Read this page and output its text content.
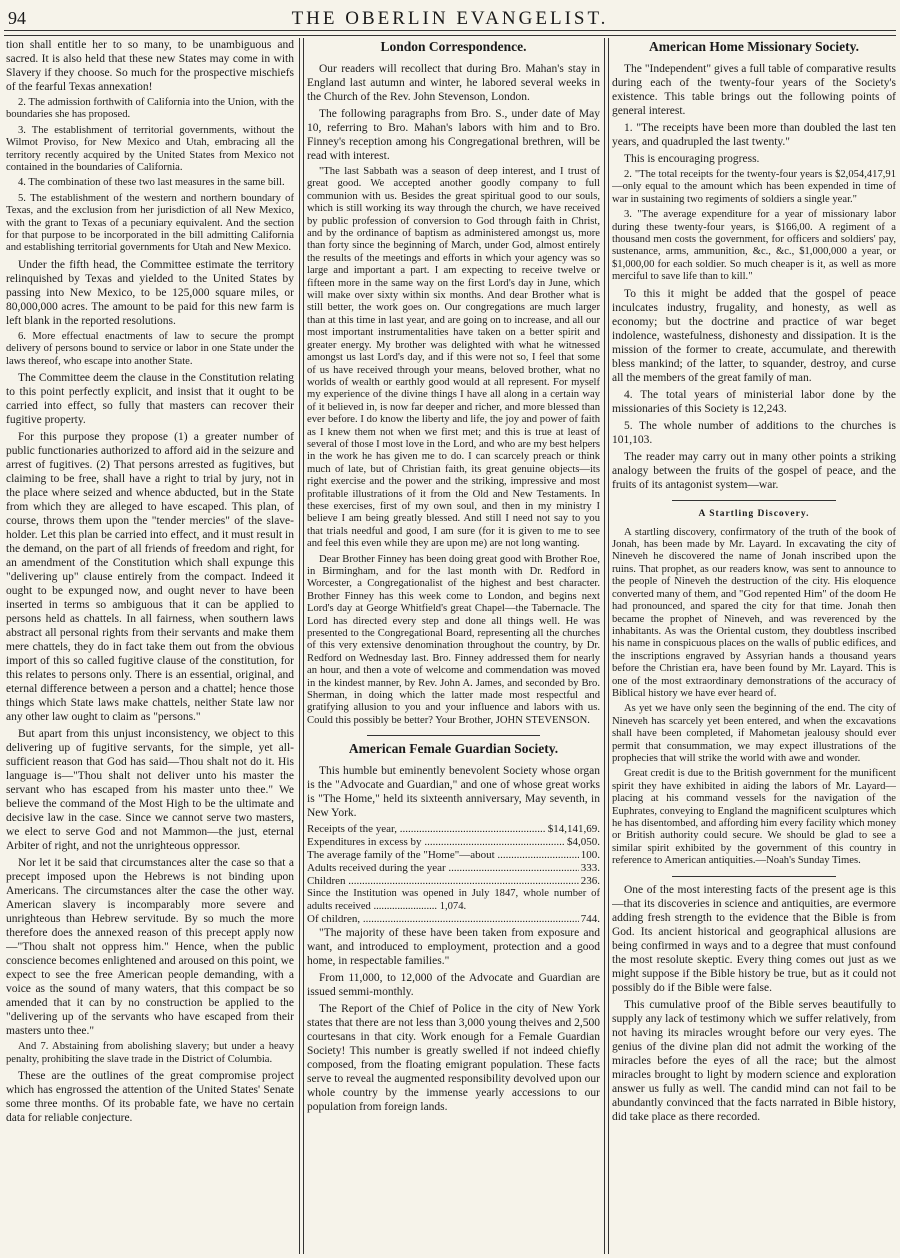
94	THE OBERLIN EVANGELIST.

tion shall entitle her to so many, to be unambiguous and sacred. It is also held that these new States may come in with Slavery if they choose. So much for the prospective mischiefs of the fearful Texas annexation!

2. The admission forthwith of California into the Union, with the boundaries she has proposed.

3. The establishment of territorial governments, without the Wilmot Proviso, for New Mexico and Utah, embracing all the territory recently acquired by the United States from Mexico not contained in the boundaries of California.

4. The combination of these two last measures in the same bill.

5. The establishment of the western and northern boundary of Texas, and the exclusion from her jurisdiction of all New Mexico, with the grant to Texas of a pecuniary equivalent. And the section for that purpose to be incorporated in the bill admitting California and establishing territorial governments for Utah and New Mexico.

Under the fifth head, the Committee estimate the territory relinquished by Texas and yielded to the United States by passing into New Mexico, to be 125,000 square miles, or 80,000,000 acres. The amount to be paid for this new farm is left blank in the reported resolutions.

6. More effectual enactments of law to secure the prompt delivery of persons bound to service or labor in one State under the laws thereof, who escape into another State.

The Committee deem the clause in the Constitution relating to this point perfectly explicit, and insist that it ought to be carried into effect, so fully that masters can recover their fugitive property.

For this purpose they propose (1) a greater number of public functionaries authorized to afford aid in the seizure and arrest of fugitives. (2) That persons arrested as fugitives, but claiming to be free, shall have a right to trial by jury, not in the place where seized and whence abducted, but in the State from which they are alleged to have escaped. This plan, of course, throws them upon the "tender mercies" of the slave-holder. Let this plan be carried into effect, and it must result in the demand, on the part of all friends of freedom and right, for an amendment of the Constitution which shall expunge this "delivering up" clause entirely from the compact. Indeed it ought to be expunged now, and ought never to have been inserted in terms so ambiguous that it can be applied to persons held as chattels. In all fairness, when southern laws abstract all personal rights from their servants and make them mere chattels, they do in fact take them out from the obvious import of this so called fugitive clause of the constitution, for this relates to persons only. There is an essential, original, and eternal difference between a person and a chattel; hence those things which State laws make chattels, neither State law nor any other law ought to claim as "persons."

But apart from this unjust inconsistency, we object to this delivering up of fugitive servants, for the simple, yet all-sufficient reason that God has said—Thou shalt not do it. His language is—"Thou shalt not deliver unto his master the servant who has escaped from his master unto thee." We believe the command of the Most High to be the ultimate and decisive law in the case. Since we cannot serve two masters, we elect to serve God and not Mammon—the just, eternal Arbiter of right, and not the unrighteous oppressor.

Nor let it be said that circumstances alter the case so that a precept imposed upon the Hebrews is not binding upon Americans. The circumstances alter the case the other way. American slavery is incomparably more severe and unrighteous than Hebrew servitude. By so much the more therefore does the annexed reason of this precept apply now—"Thou shalt not oppress him." Hence, when the public conscience becomes enlightened and aroused on this point, we expect to see the free American people demanding, with a voice as the sound of many waters, that this compact be so amended that it can by no construction be applied to the "delivering up of the servants who have escaped from their masters unto thee."

And 7. Abstaining from abolishing slavery; but under a heavy penalty, prohibiting the slave trade in the District of Columbia.

These are the outlines of the great compromise project which has engrossed the attention of the United States' Senate some three months. Of its probable fate, we have no certain data for reliable conjecture.

London Correspondence.

Our readers will recollect that during Bro. Mahan's stay in England last autumn and winter, he labored several weeks in the Church of the Rev. John Stevenson, London.

The following paragraphs from Bro. S., under date of May 10, referring to Bro. Mahan's labors with him and to Bro. Finney's reception among his Congregational brethren, will be read with interest.

"The last Sabbath was a season of deep interest, and I trust of great good. We accepted another goodly company to full communion with us. Besides the great spiritual good to our souls, which is still working its way through the church, we have received by public profession of conversion to God through faith in Christ, and by the ordinance of baptism as administered amongst us, more than forty since the beginning of March, under God, almost entirely the results of the meetings and efforts in which your agency was so large and important a part. I am expecting to receive twelve or fifteen more in the same way on the first Lord's day in June, which will make over sixty within six months. And dear Brother what is still better, the work goes on. Our congregations are much larger than at this time in last year, and are going on to increase, and all our most important instrumentalities have taken on a better spirit and greater energy. My brother was delighted with what he witnessed amongst us last Lord's day, and if this were not so, I feel that some of us have received through your means, beloved brother, what no worlds of wealth or earthly good would at all represent. For myself my experience of the divine things I have all along in a certain way of it believed in, is now far deeper and richer, and more blessed than ever before. I do know the liberty and life, the joy and power of faith as I knew them not when we first met; and this is true at least of several of those I most love in the Lord, and who are my best helpers in the work he has given me to do. I can scarcely preach or think much of late, but of Christian faith, its great genuine objects—its right exercise and the power and the striking, impressive and most profitable illustrations of it from the Old and New Testaments. In these exercises, first of my own soul, and then in my ministry I believe I am being greatly blessed. And still I need not say to you that trials needful and good, I am sure (for it is given to me to see and feel this even while they are upon me) are not long wanting.

Dear Brother Finney has been doing great good with Brother Roe, in Birmingham, and for the last month with Dr. Redford in Worcester, a Congregationalist of the highest and best character. Brother Finney has this week come to London, and begins next Lord's day at George Whitfield's great Chapel—the Tabernacle. The Lord has directed every step and done all things well. He was presented to the Congregational Board, representing all the churches of this very extensive denomination throughout the country, by Dr. Redford on Wednesday last. Bro. Finney addressed them for nearly an hour, and then a vote of welcome and commendation was moved in the kindest manner, by Rev. John A. James, and seconded by Bro. Sherman, in doing which the latter made most respectful and gratifying allusion to you and your influence and labors with us. Could this possibly be better? Your Brother, JOHN STEVENSON.

American Female Guardian Society.

This humble but eminently benevolent Society whose organ is the "Advocate and Guardian," and one of whose great works is "The Home," held its sixteenth anniversary, May seventh, in New York.

Receipts of the year, .....	$14,141,69.
Expenditures in excess by .....	$4,050.
The average family of the "Home"—about .....	100.
Adults received during the year .....	333.
Children .....	236.

Since the Institution was opened in July 1847, whole number of adults received ........................ 1,074.

Of children, .....	744.

"The majority of these have been taken from exposure and want, and introduced to employment, protection and a good home, in respectable families."

From 11,000, to 12,000 of the Advocate and Guardian are issued semmi-monthly.

The Report of the Chief of Police in the city of New York states that there are not less than 3,000 young theives and 2,500 courtesans in that city. Work enough for a Female Guardian Society! This number is greatly swelled if not indeed chiefly composed, from the floating emigrant population. These facts serve to reveal the augmented responsibility devolved upon our whole country by the immense yearly accessions to our population from foreign lands.

American Home Missionary Society.

The "Independent" gives a full table of comparative results during each of the twenty-four years of the Society's existence. This table brings out the following points of general interest.

1. "The receipts have been more than doubled the last ten years, and quadrupled the last twenty."

This is encouraging progress.

2. "The total receipts for the twenty-four years is $2,054,417,91—only equal to the amount which has been expended in time of war in sustaining two regiments of soldiers a single year."

3. "The average expenditure for a year of missionary labor during these twenty-four years, is $166,00. A regiment of a thousand men costs the government, for officers and soldiers' pay, sustenance, arms, ammunition, &c., &c., $1,000,000 a year, or $1,000,00 for each soldier. So much cheaper is it, as well as more merciful to save life than to kill."

To this it might be added that the gospel of peace inculcates industry, frugality, and honesty, as well as economy; but the doctrine and practice of war beget indolence, wastefulness, dishonesty and dissipation. It is the mission of the former to create, accumulate, and therewith bless mankind; of the latter, to squander, destroy, and curse all the members of the great family of man.

4. The total years of ministerial labor done by the missionaries of this Society is 12,243.

5. The whole number of additions to the churches is 101,103.

The reader may carry out in many other points a striking analogy between the fruits of the gospel of peace, and the fruits of its antagonist system—war.

A Startling Discovery.

A startling discovery, confirmatory of the truth of the book of Jonah, has been made by Mr. Layard. In excavating the city of Nineveh he discovered the name of Jonah inscribed upon the ruins. That prophet, as our readers know, was sent to announce to the people of Nineveh the destruction of the city. His eloquence converted many of them, and "God repented Him" of the doom He had pronounced, and spared the city for that time. Jonah then became the prophet of Nineveh, and was reverenced by the inhabitants. As was the Oriental custom, they doubtless inscribed his name in conspicuous places on the walls of public edifices, and the inscriptions engraved by Assyrian hands a thousand years before the Christian era, have been found by Mr. Layard. This is one of the most extraordinary demonstrations of the accuracy of Biblical history we have ever heard of.

As yet we have only seen the beginning of the end. The city of Nineveh has scarcely yet been entered, and when the excavations shall have been completed, if Mahometan jealousy should ever permit that consummation, we may expect illustrations of the prophecies that will strike the world with awe and wonder.

Great credit is due to the British government for the munificent spirit they have exhibited in aiding the labors of Mr. Layard—placing at his command vessels for the navigation of the Euphrates, conveying to England the magnificent sculptures which he has disentombed, and affording him every facility which money or British authority could secure. We should be glad to see a similar spirit exhibited by the government of this country in reference to American antiquities.—Noah's Sunday Times.

One of the most interesting facts of the present age is this—that its discoveries in science and antiquities, are evermore adding fresh strength to the evidence that the Bible is from God. Its ancient historical and geographical allusions are being confirmed in ways and to a degree that must confound the most resolute skeptic. Every thing comes out just as we might suppose if the Bible history be true, but as it could not possibly do if the Bible were false.

This cumulative proof of the Bible serves beautifully to supply any lack of testimony which we suffer relatively, from not having its miracles wrought before our very eyes. The genius of the divine plan did not admit the working of the miracles before the eyes of all the race; but the almost miracles brought to light by modern science and exploration answer us fully as well. The candid mind can not fail to be abundantly convinced that the facts narrated in Bible history, did take place as there recorded.
